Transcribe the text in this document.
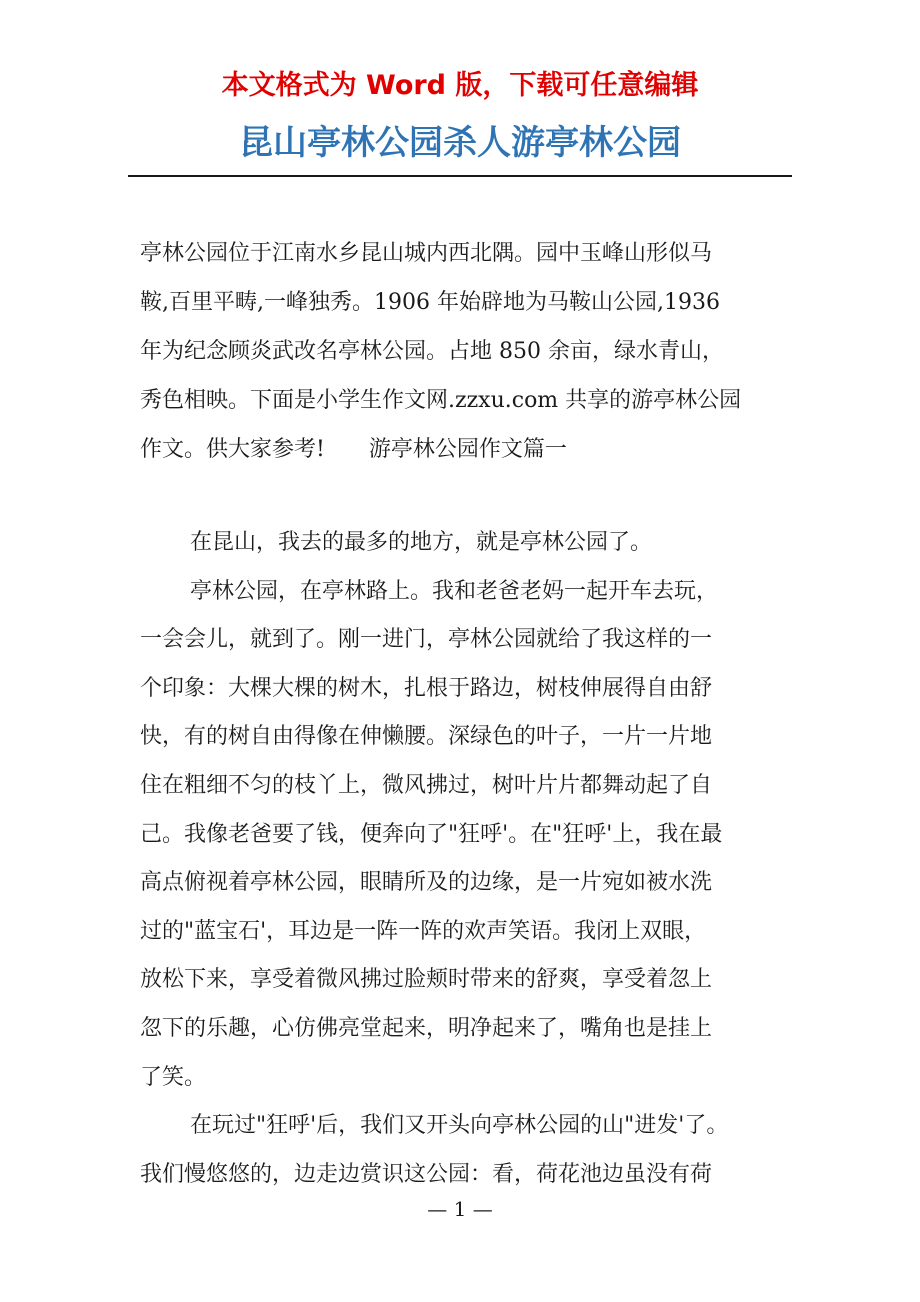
本文格式为 Word 版，下载可任意编辑
昆山亭林公园杀人游亭林公园
亭林公园位于江南水乡昆山城内西北隅。园中玉峰山形似马
鞍,百里平畴,一峰独秀。1906 年始辟地为马鞍山公园,1936
年为纪念顾炎武改名亭林公园。占地 850 余亩，绿水青山，
秀色相映。下面是小学生作文网.zzxu.com 共享的游亭林公园
作文。供大家参考! 游亭林公园作文篇一
在昆山，我去的最多的地方，就是亭林公园了。
亭林公园，在亭林路上。我和老爸老妈一起开车去玩，
一会会儿，就到了。刚一进门，亭林公园就给了我这样的一
个印象：大棵大棵的树木，扎根于路边，树枝伸展得自由舒
快，有的树自由得像在伸懒腰。深绿色的叶子，一片一片地
住在粗细不匀的枝丫上，微风拂过，树叶片片都舞动起了自
己。我像老爸要了钱，便奔向了"狂呼'。在"狂呼'上，我在最
高点俯视着亭林公园，眼睛所及的边缘，是一片宛如被水洗
过的"蓝宝石'，耳边是一阵一阵的欢声笑语。我闭上双眼，
放松下来，享受着微风拂过脸颊时带来的舒爽，享受着忽上
忽下的乐趣，心仿佛亮堂起来，明净起来了，嘴角也是挂上
了笑。
在玩过"狂呼'后，我们又开头向亭林公园的山"进发'了。
我们慢悠悠的，边走边赏识这公园：看，荷花池边虽没有荷
— 1 —
